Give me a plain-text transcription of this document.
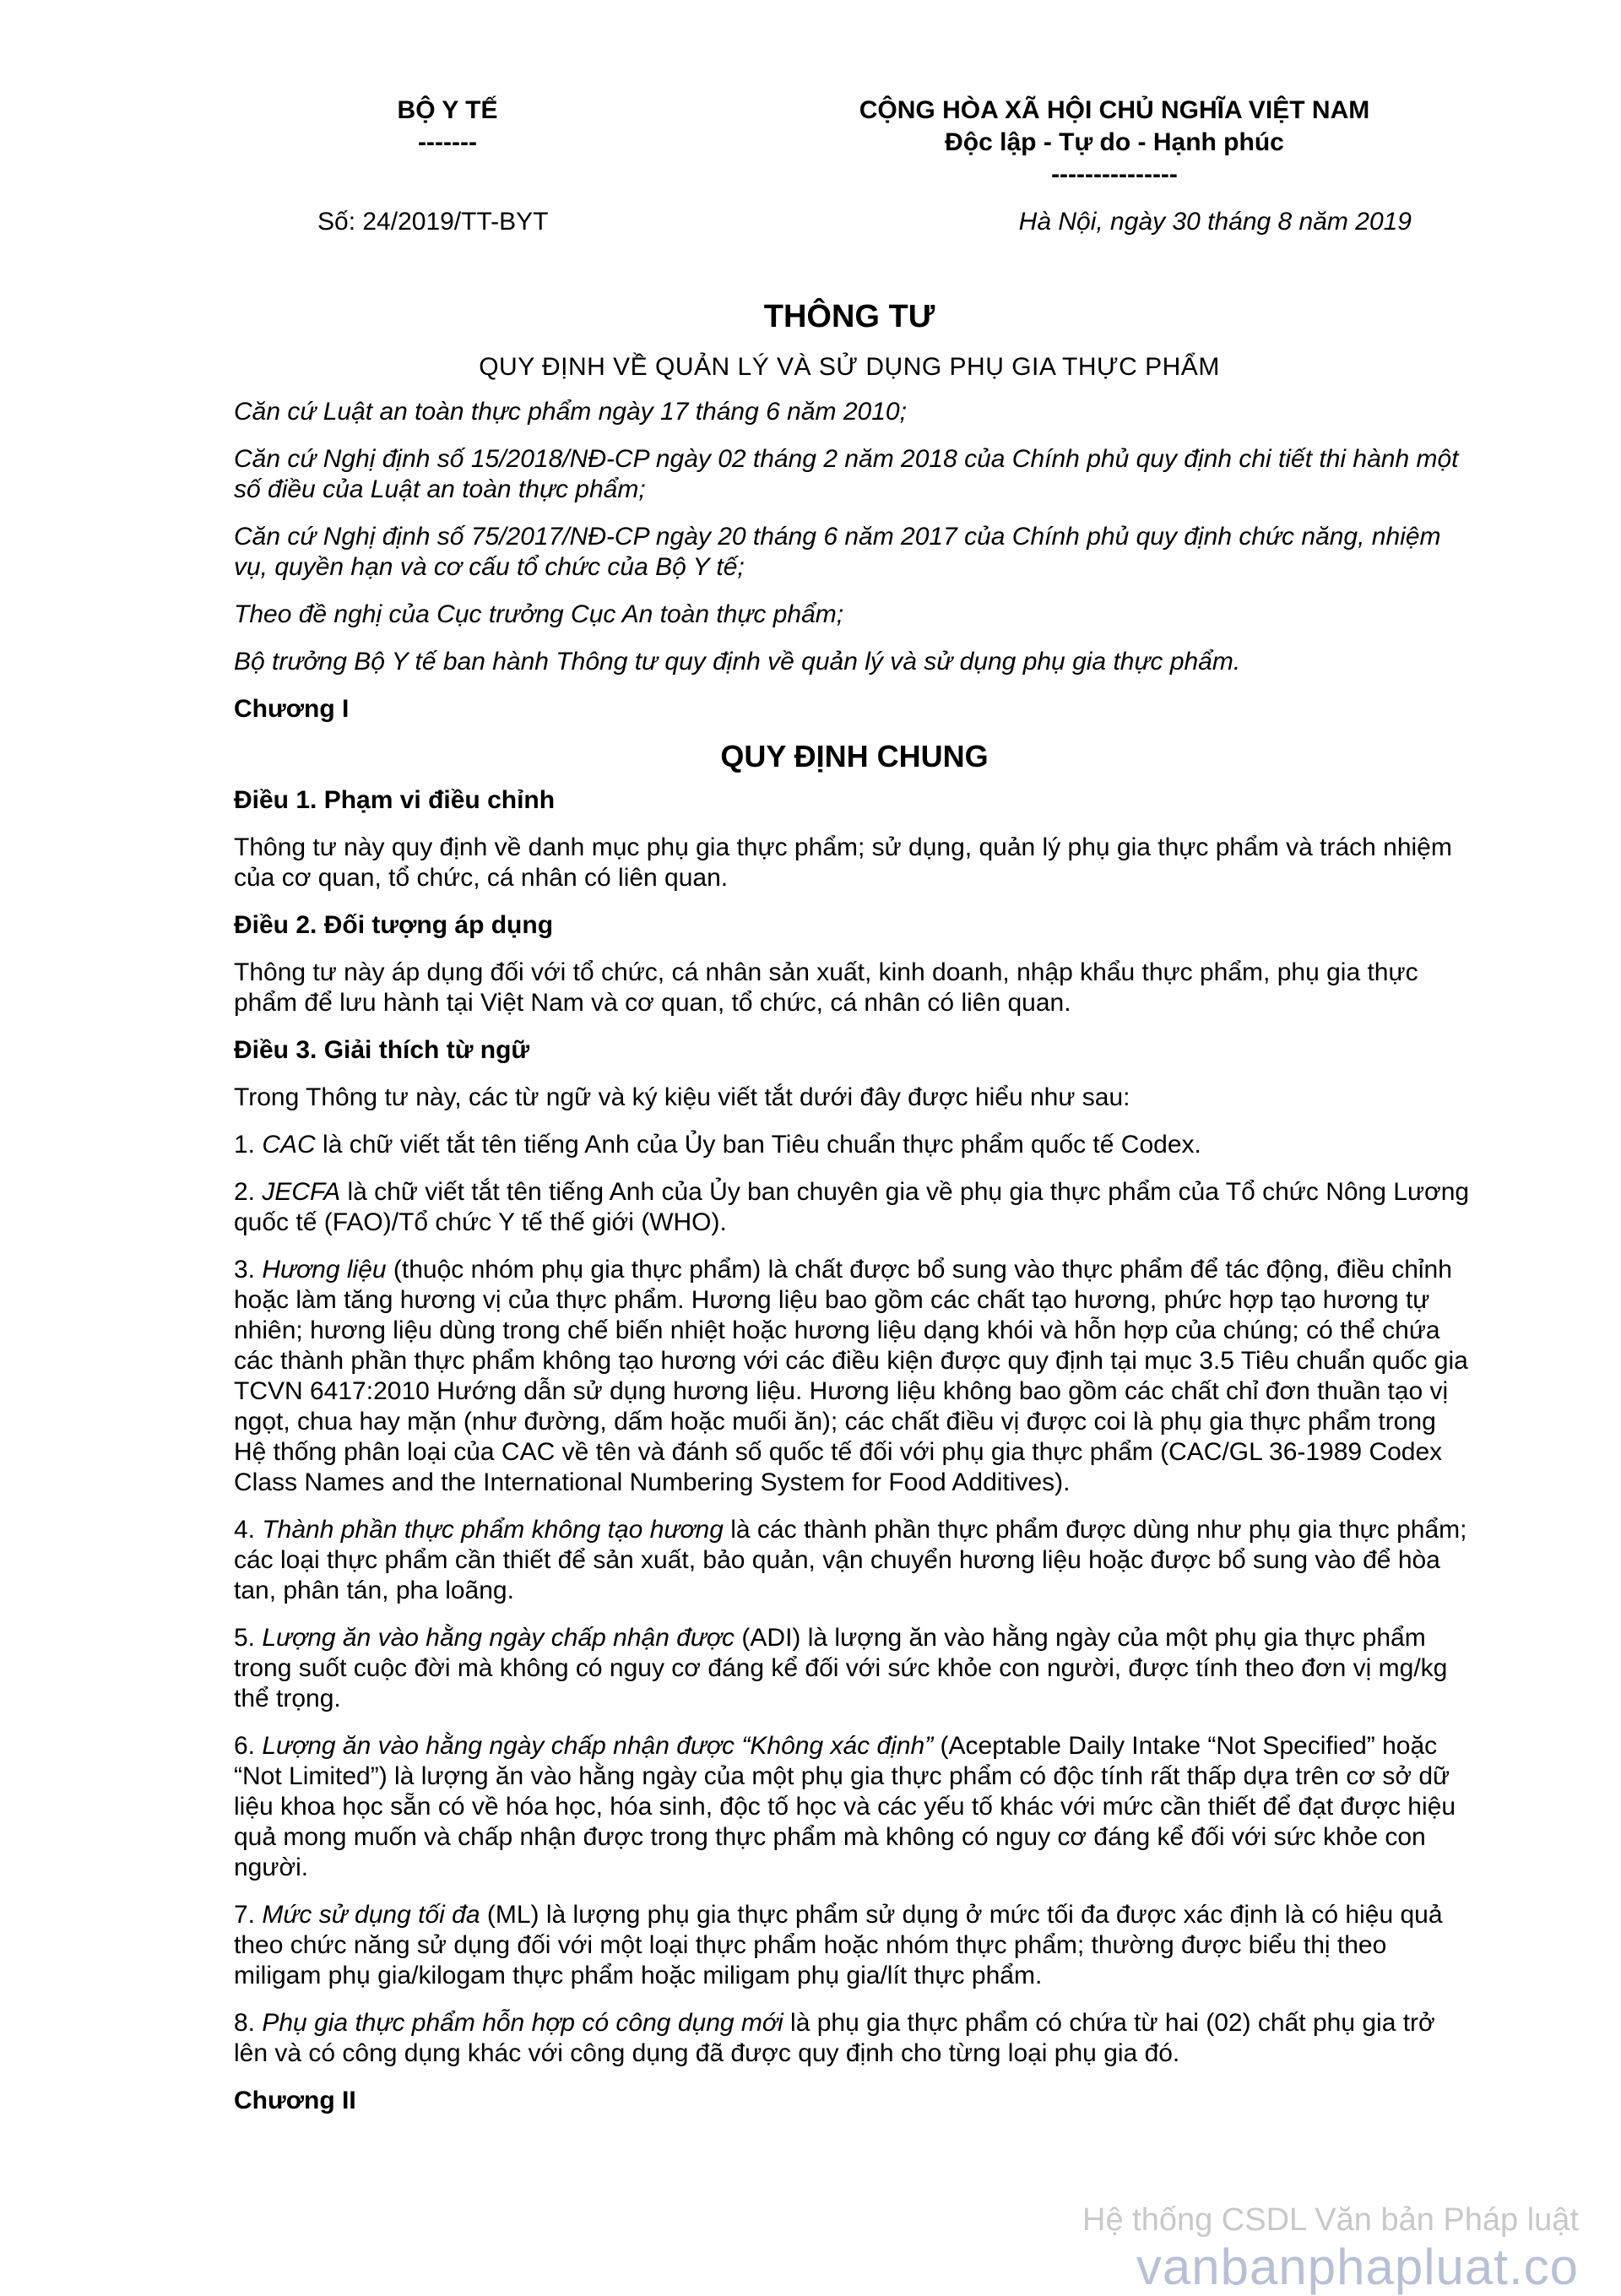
BỘ Y TẾ
-------
CỘNG HÒA XÃ HỘI CHỦ NGHĨA VIỆT NAM
Độc lập - Tự do - Hạnh phúc
---------------
Số: 24/2019/TT-BYT	Hà Nội, ngày 30 tháng 8 năm 2019
THÔNG TƯ
QUY ĐỊNH VỀ QUẢN LÝ VÀ SỬ DỤNG PHỤ GIA THỰC PHẨM

Căn cứ Luật an toàn thực phẩm ngày 17 tháng 6 năm 2010;

Căn cứ Nghị định số 15/2018/NĐ-CP ngày 02 tháng 2 năm 2018 của Chính phủ quy định chi tiết thi hành một số điều của Luật an toàn thực phẩm;

Căn cứ Nghị định số 75/2017/NĐ-CP ngày 20 tháng 6 năm 2017 của Chính phủ quy định chức năng, nhiệm vụ, quyền hạn và cơ cấu tổ chức của Bộ Y tế;

Theo đề nghị của Cục trưởng Cục An toàn thực phẩm;

Bộ trưởng Bộ Y tế ban hành Thông tư quy định về quản lý và sử dụng phụ gia thực phẩm.

Chương I

QUY ĐỊNH CHUNG

Điều 1. Phạm vi điều chỉnh

Thông tư này quy định về danh mục phụ gia thực phẩm; sử dụng, quản lý phụ gia thực phẩm và trách nhiệm của cơ quan, tổ chức, cá nhân có liên quan.

Điều 2. Đối tượng áp dụng

Thông tư này áp dụng đối với tổ chức, cá nhân sản xuất, kinh doanh, nhập khẩu thực phẩm, phụ gia thực phẩm để lưu hành tại Việt Nam và cơ quan, tổ chức, cá nhân có liên quan.

Điều 3. Giải thích từ ngữ

Trong Thông tư này, các từ ngữ và ký kiệu viết tắt dưới đây được hiểu như sau:

1. CAC là chữ viết tắt tên tiếng Anh của Ủy ban Tiêu chuẩn thực phẩm quốc tế Codex.

2. JECFA là chữ viết tắt tên tiếng Anh của Ủy ban chuyên gia về phụ gia thực phẩm của Tổ chức Nông Lương quốc tế (FAO)/Tổ chức Y tế thế giới (WHO).

3. Hương liệu (thuộc nhóm phụ gia thực phẩm) là chất được bổ sung vào thực phẩm để tác động, điều chỉnh hoặc làm tăng hương vị của thực phẩm. Hương liệu bao gồm các chất tạo hương, phức hợp tạo hương tự nhiên; hương liệu dùng trong chế biến nhiệt hoặc hương liệu dạng khói và hỗn hợp của chúng; có thể chứa các thành phần thực phẩm không tạo hương với các điều kiện được quy định tại mục 3.5 Tiêu chuẩn quốc gia TCVN 6417:2010 Hướng dẫn sử dụng hương liệu. Hương liệu không bao gồm các chất chỉ đơn thuần tạo vị ngọt, chua hay mặn (như đường, dấm hoặc muối ăn); các chất điều vị được coi là phụ gia thực phẩm trong Hệ thống phân loại của CAC về tên và đánh số quốc tế đối với phụ gia thực phẩm (CAC/GL 36-1989 Codex Class Names and the International Numbering System for Food Additives).

4. Thành phần thực phẩm không tạo hương là các thành phần thực phẩm được dùng như phụ gia thực phẩm; các loại thực phẩm cần thiết để sản xuất, bảo quản, vận chuyển hương liệu hoặc được bổ sung vào để hòa tan, phân tán, pha loãng.

5. Lượng ăn vào hằng ngày chấp nhận được (ADI) là lượng ăn vào hằng ngày của một phụ gia thực phẩm trong suốt cuộc đời mà không có nguy cơ đáng kể đối với sức khỏe con người, được tính theo đơn vị mg/kg thể trọng.

6. Lượng ăn vào hằng ngày chấp nhận được “Không xác định” (Aceptable Daily Intake “Not Specified” hoặc “Not Limited”) là lượng ăn vào hằng ngày của một phụ gia thực phẩm có độc tính rất thấp dựa trên cơ sở dữ liệu khoa học sẵn có về hóa học, hóa sinh, độc tố học và các yếu tố khác với mức cần thiết để đạt được hiệu quả mong muốn và chấp nhận được trong thực phẩm mà không có nguy cơ đáng kể đối với sức khỏe con người.

7. Mức sử dụng tối đa (ML) là lượng phụ gia thực phẩm sử dụng ở mức tối đa được xác định là có hiệu quả theo chức năng sử dụng đối với một loại thực phẩm hoặc nhóm thực phẩm; thường được biểu thị theo miligam phụ gia/kilogam thực phẩm hoặc miligam phụ gia/lít thực phẩm.

8. Phụ gia thực phẩm hỗn hợp có công dụng mới là phụ gia thực phẩm có chứa từ hai (02) chất phụ gia trở lên và có công dụng khác với công dụng đã được quy định cho từng loại phụ gia đó.

Chương II

Hệ thống CSDL Văn bản Pháp luật
vanbanphapluat.co
